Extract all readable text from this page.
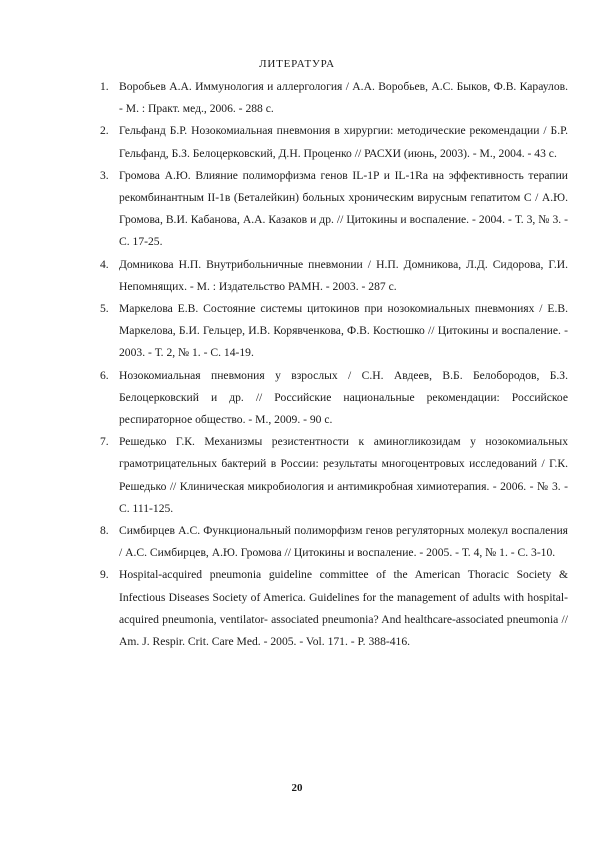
ЛИТЕРАТУРА
1. Воробьев А.А. Иммунология и аллергология / А.А. Воробьев, А.С. Быков, Ф.В. Караулов. - М. : Практ. мед., 2006. - 288 с.
2. Гельфанд Б.Р. Нозокомиальная пневмония в хирургии: методические рекомендации / Б.Р. Гельфанд, Б.З. Белоцерковский, Д.Н. Проценко // РАСХИ (июнь, 2003). - М., 2004. - 43 с.
3. Громова А.Ю. Влияние полиморфизма генов IL-1P и IL-1Ra на эффективность терапии рекомбинантным II-1в (Беталейкин) больных хроническим вирусным гепатитом С / А.Ю. Громова, В.И. Кабанова, А.А. Казаков и др. // Цитокины и воспаление. - 2004. - Т. 3, № 3. - С. 17-25.
4. Домникова Н.П. Внутрибольничные пневмонии / Н.П. Домникова, Л.Д. Сидорова, Г.И. Непомнящих. - М. : Издательство РАМН. - 2003. - 287 с.
5. Маркелова Е.В. Состояние системы цитокинов при нозокомиальных пневмониях / Е.В. Маркелова, Б.И. Гельцер, И.В. Корявченкова, Ф.В. Костюшко // Цитокины и воспаление. - 2003. - Т. 2, № 1. - С. 14-19.
6. Нозокомиальная пневмония у взрослых / С.Н. Авдеев, В.Б. Белобородов, Б.З. Белоцерковский и др. // Российские национальные рекомендации: Российское респираторное общество. - М., 2009. - 90 с.
7. Решедько Г.К. Механизмы резистентности к аминогликозидам у нозокомиальных грамотрицательных бактерий в России: результаты многоцентровых исследований / Г.К. Решедько // Клиническая микробиология и антимикробная химиотерапия. - 2006. - № 3. - С. 111-125.
8. Симбирцев А.С. Функциональный полиморфизм генов регуляторных молекул воспаления / А.С. Симбирцев, А.Ю. Громова // Цитокины и воспаление. - 2005. - Т. 4, № 1. - С. 3-10.
9. Hospital-acquired pneumonia guideline committee of the American Thoracic Society & Infectious Diseases Society of America. Guidelines for the management of adults with hospital-acquired pneumonia, ventilator- associated pneumonia? And healthcare-associated pneumonia // Am. J. Respir. Crit. Care Med. - 2005. - Vol. 171. - P. 388-416.
20
